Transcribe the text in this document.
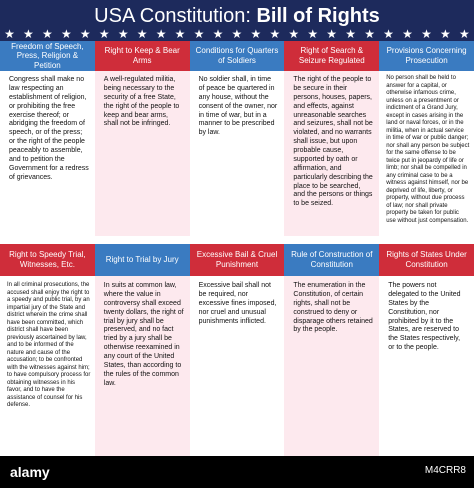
USA Constitution: Bill of Rights
★ ★ ★ ★ ★ ★ ★ ★ ★ ★ ★ ★ ★ ★ ★ ★ ★ ★ ★ ★ ★ ★ ★ ★ ★
Freedom of Speech, Press, Religion & Petition
Congress shall make no law respecting an establishment of religion, or prohibiting the free exercise thereof; or abridging the freedom of speech, or of the press; or the right of the people peaceably to assemble, and to petition the Government for a redress of grievances.
Right to Keep & Bear Arms
A well-regulated militia, being necessary to the security of a free State, the right of the people to keep and bear arms, shall not be infringed.
Conditions for Quarters of Soldiers
No soldier shall, in time of peace be quartered in any house, without the consent of the owner, nor in time of war, but in a manner to be prescribed by law.
Right of Search & Seizure Regulated
The right of the people to be secure in their persons, houses, papers, and effects, against unreasonable searches and seizures, shall not be violated, and no warrants shall issue, but upon probable cause, supported by oath or affirmation, and particularly describing the place to be searched, and the persons or things to be seized.
Provisions Concerning Prosecution
No person shall be held to answer for a capital, or otherwise infamous crime, unless on a presentment or indictment of a Grand Jury, except in cases arising in the land or naval forces, or in the militia, when in actual service in time of war or public danger; nor shall any person be subject for the same offense to be twice put in jeopardy of life or limb; nor shall be compelled in any criminal case to be a witness against himself, nor be deprived of life, liberty, or property, without due process of law; nor shall private property be taken for public use without just compensation.
Right to Speedy Trial, Witnesses, Etc.
In all criminal prosecutions, the accused shall enjoy the right to a speedy and public trial, by an impartial jury of the State and district wherein the crime shall have been committed, which district shall have been previously ascertained by law, and to be informed of the nature and cause of the accusation; to be confronted with the witnesses against him; to have compulsory process for obtaining witnesses in his favor, and to have the assistance of counsel for his defense.
Right to Trial by Jury
In suits at common law, where the value in controversy shall exceed twenty dollars, the right of trial by jury shall be preserved, and no fact tried by a jury shall be otherwise reexamined in any court of the United States, than according to the rules of the common law.
Excessive Bail & Cruel Punishment
Excessive bail shall not be required, nor excessive fines imposed, nor cruel and unusual punishments inflicted.
Rule of Construction of Constitution
The enumeration in the Constitution, of certain rights, shall not be construed to deny or disparage others retained by the people.
Rights of States Under Constitution
The powers not delegated to the United States by the Constitution, nor prohibited by it to the States, are reserved to the States respectively, or to the people.
alamy	M4CRR8
